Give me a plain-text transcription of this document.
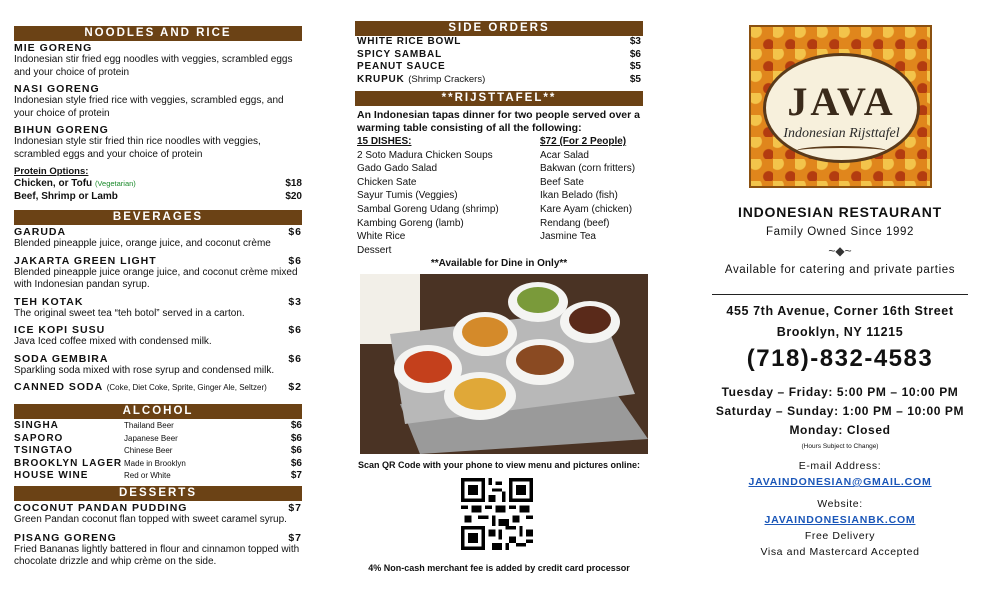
NOODLES AND RICE
MIE GORENG
Indonesian stir fried egg noodles with veggies, scrambled eggs and your choice of protein
NASI GORENG
Indonesian style fried rice with veggies, scrambled eggs, and your choice of protein
BIHUN GORENG
Indonesian style stir fried thin rice noodles with veggies, scrambled eggs and your choice of protein
Protein Options:
Chicken, or Tofu (Vegetarian)	$18
Beef, Shrimp or Lamb	$20
BEVERAGES
GARUDA	$6
Blended pineapple juice, orange juice, and coconut crème
JAKARTA GREEN LIGHT	$6
Blended pineapple juice orange juice, and coconut crème mixed with Indonesian pandan syrup.
TEH KOTAK	$3
The original sweet tea “teh botol” served in a carton.
ICE KOPI SUSU	$6
Java Iced coffee mixed with condensed milk.
SODA GEMBIRA	$6
Sparkling soda mixed with rose syrup and condensed milk.
CANNED SODA (Coke, Diet Coke, Sprite, Ginger Ale, Seltzer) $2
ALCOHOL
SINGHA	Thailand Beer	$6
SAPORO	Japanese Beer	$6
TSINGTAO	Chinese Beer	$6
BROOKLYN LAGER Made in Brooklyn	$6
HOUSE WINE	Red or White	$7
DESSERTS
COCONUT PANDAN PUDDING	$7
Green Pandan coconut flan topped with sweet caramel syrup.
PISANG GORENG	$7
Fried Bananas lightly battered in flour and cinnamon topped with chocolate drizzle and whip crème on the side.
SIDE ORDERS
WHITE RICE BOWL	$3
SPICY SAMBAL	$6
PEANUT SAUCE	$5
KRUPUK (Shrimp Crackers)	$5
**RIJSTTAFEL**
An Indonesian tapas dinner for two people served over a warming table consisting of all the following:
15 DISHES:	$72 (For 2 People)
2 Soto Madura Chicken Soups	Acar Salad
Gado Gado Salad	Bakwan (corn fritters)
Chicken Sate	Beef Sate
Sayur Tumis (Veggies)	Ikan Belado (fish)
Sambal Goreng Udang (shrimp)	Kare Ayam (chicken)
Kambing Goreng (lamb)	Rendang (beef)
White Rice	Jasmine Tea
Dessert
**Available for Dine in Only**
Scan QR Code with your phone to view menu and pictures online:
4% Non-cash merchant fee is added by credit card processor
JAVA
Indonesian Rijsttafel
INDONESIAN RESTAURANT
Family Owned Since 1992
~◆~
Available for catering and private parties
455 7th Avenue, Corner 16th Street
Brooklyn, NY 11215
(718)-832-4583
Tuesday – Friday: 5:00 PM – 10:00 PM
Saturday – Sunday: 1:00 PM – 10:00 PM
Monday: Closed
(Hours Subject to Change)
E-mail Address:
JAVAINDONESIAN@GMAIL.COM
Website:
JAVAINDONESIANBK.COM
Free Delivery
Visa and Mastercard Accepted
